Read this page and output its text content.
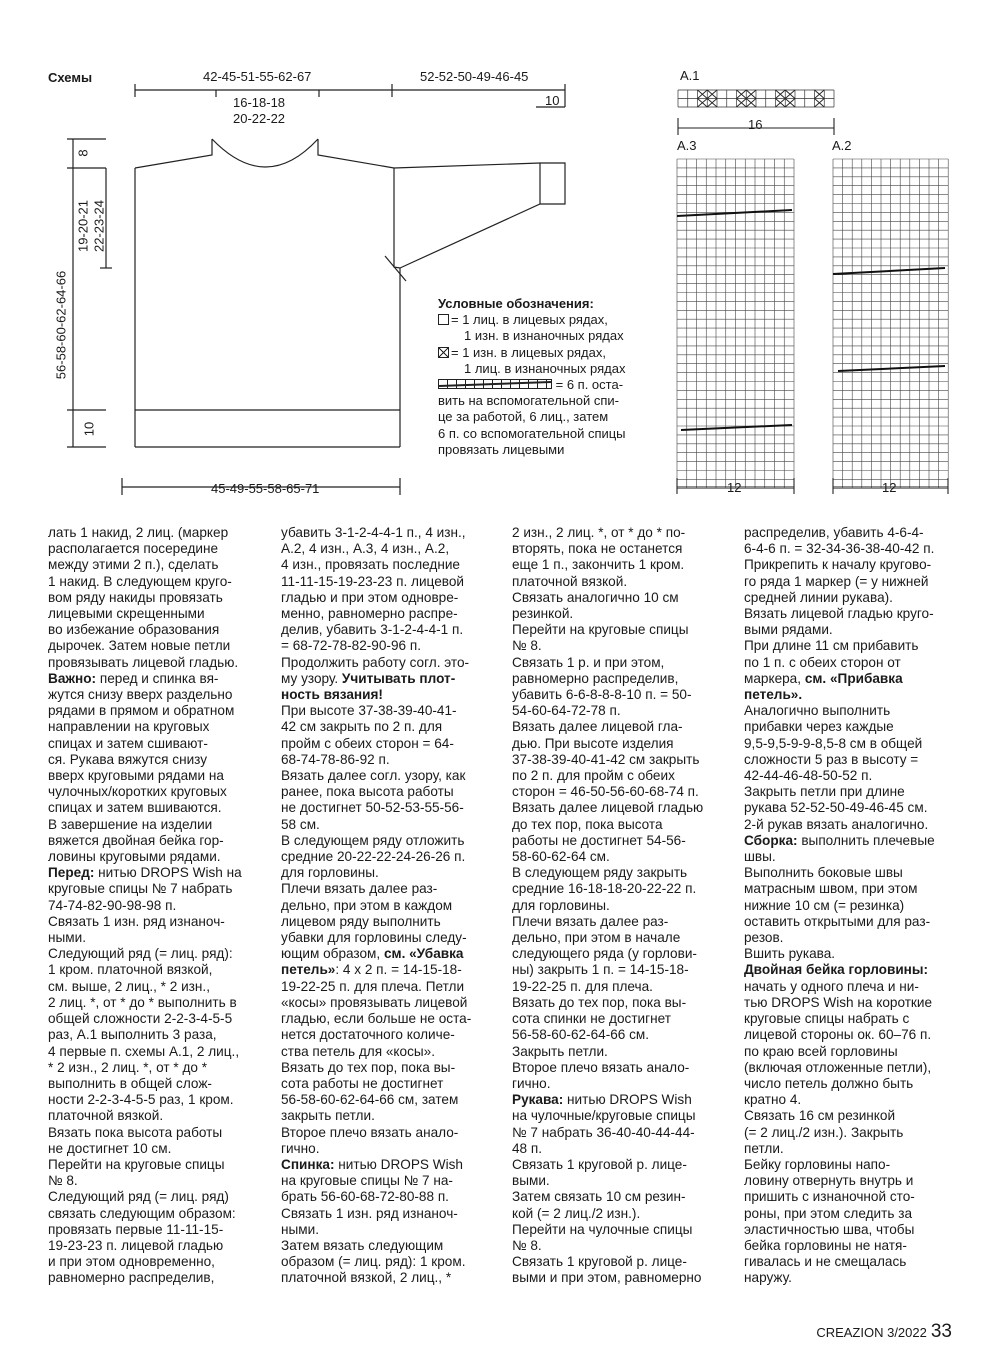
Схемы	42-45-51-55-62-67	52-52-50-49-46-45
10
16-18-18
20-22-22
45-49-55-58-65-71
8
19-20-21 22-23-24
56-58-60-62-64-66
10
A.1
16
A.3
12
A.2
12
Условные обозначения:
= 1 лиц. в лицевых рядах,
1 изн. в изнаночных рядах
= 1 изн. в лицевых рядах,
1 лиц. в изнаночных рядах
= 6 п. оста-
вить на вспомогательной спи-
це за работой, 6 лиц., затем
6 п. со вспомогательной спицы
провязать лицевыми

лать 1 накид, 2 лиц. (маркер
располагается посередине
между этими 2 п.), сделать
1 накид. В следующем круго-
вом ряду накиды провязать
лицевыми скрещенными
во избежание образования
дырочек. Затем новые петли
провязывать лицевой гладью.
Важно: перед и спинка вя-
жутся снизу вверх раздельно
рядами в прямом и обратном
направлении на круговых
спицах и затем сшивают-
ся. Рукава вяжутся снизу
вверх круговыми рядами на
чулочных/коротких круговых
спицах и затем вшиваются.
В завершение на изделии
вяжется двойная бейка гор-
ловины круговыми рядами.
Перед: нитью DROPS Wish на
круговые спицы № 7 набрать
74-74-82-90-98-98 п.
Связать 1 изн. ряд изнаноч-
ными.
Следующий ряд (= лиц. ряд):
1 кром. платочной вязкой,
см. выше, 2 лиц., * 2 изн.,
2 лиц. *, от * до * выполнить в
общей сложности 2-2-3-4-5-5
раз, A.1 выполнить 3 раза,
4 первые п. схемы A.1, 2 лиц.,
* 2 изн., 2 лиц. *, от * до *
выполнить в общей слож-
ности 2-2-3-4-5-5 раз, 1 кром.
платочной вязкой.
Вязать пока высота работы
не достигнет 10 см.
Перейти на круговые спицы
№ 8.
Следующий ряд (= лиц. ряд)
связать следующим образом:
провязать первые 11-11-15-
19-23-23 п. лицевой гладью
и при этом одновременно,
равномерно распределив,

убавить 3-1-2-4-4-1 п., 4 изн.,
A.2, 4 изн., A.3, 4 изн., A.2,
4 изн., провязать последние
11-11-15-19-23-23 п. лицевой
гладью и при этом одновре-
менно, равномерно распре-
делив, убавить 3-1-2-4-4-1 п.
= 68-72-78-82-90-96 п.
Продолжить работу согл. это-
му узору. Учитывать плот-
ность вязания!
При высоте 37-38-39-40-41-
42 см закрыть по 2 п. для
пройм с обеих сторон = 64-
68-74-78-86-92 п.
Вязать далее согл. узору, как
ранее, пока высота работы
не достигнет 50-52-53-55-56-
58 см.
В следующем ряду отложить
средние 20-22-22-24-26-26 п.
для горловины.
Плечи вязать далее раз-
дельно, при этом в каждом
лицевом ряду выполнить
убавки для горловины следу-
ющим образом, см. «Убавка
петель»: 4 х 2 п. = 14-15-18-
19-22-25 п. для плеча. Петли
«косы» провязывать лицевой
гладью, если больше не оста-
нется достаточного количе-
ства петель для «косы».
Вязать до тех пор, пока вы-
сота работы не достигнет
56-58-60-62-64-66 см, затем
закрыть петли.
Второе плечо вязать анало-
гично.
Спинка: нитью DROPS Wish
на круговые спицы № 7 на-
брать 56-60-68-72-80-88 п.
Связать 1 изн. ряд изнаноч-
ными.
Затем вязать следующим
образом (= лиц. ряд): 1 кром.
платочной вязкой, 2 лиц., *

2 изн., 2 лиц. *, от * до * по-
вторять, пока не останется
еще 1 п., закончить 1 кром.
платочной вязкой.
Связать аналогично 10 см
резинкой.
Перейти на круговые спицы
№ 8.
Связать 1 р. и при этом,
равномерно распределив,
убавить 6-6-8-8-8-10 п. = 50-
54-60-64-72-78 п.
Вязать далее лицевой гла-
дью. При высоте изделия
37-38-39-40-41-42 см закрыть
по 2 п. для пройм с обеих
сторон = 46-50-56-60-68-74 п.
Вязать далее лицевой гладью
до тех пор, пока высота
работы не достигнет 54-56-
58-60-62-64 см.
В следующем ряду закрыть
средние 16-18-18-20-22-22 п.
для горловины.
Плечи вязать далее раз-
дельно, при этом в начале
следующего ряда (у горлови-
ны) закрыть 1 п. = 14-15-18-
19-22-25 п. для плеча.
Вязать до тех пор, пока вы-
сота спинки не достигнет
56-58-60-62-64-66 см.
Закрыть петли.
Второе плечо вязать анало-
гично.
Рукава: нитью DROPS Wish
на чулочные/круговые спицы
№ 7 набрать 36-40-40-44-44-
48 п.
Связать 1 круговой р. лице-
выми.
Затем связать 10 см резин-
кой (= 2 лиц./2 изн.).
Перейти на чулочные спицы
№ 8.
Связать 1 круговой р. лице-
выми и при этом, равномерно

распределив, убавить 4-6-4-
6-4-6 п. = 32-34-36-38-40-42 п.
Прикрепить к началу кругово-
го ряда 1 маркер (= у нижней
средней линии рукава).
Вязать лицевой гладью круго-
выми рядами.
При длине 11 см прибавить
по 1 п. с обеих сторон от
маркера, см. «Прибавка
петель».
Аналогично выполнить
прибавки через каждые
9,5-9,5-9-9-8,5-8 см в общей
сложности 5 раз в высоту =
42-44-46-48-50-52 п.
Закрыть петли при длине
рукава 52-52-50-49-46-45 см.
2-й рукав вязать аналогично.
Сборка: выполнить плечевые
швы.
Выполнить боковые швы
матрасным швом, при этом
нижние 10 см (= резинка)
оставить открытыми для раз-
резов.
Вшить рукава.
Двойная бейка горловины:
начать у одного плеча и ни-
тью DROPS Wish на короткие
круговые спицы набрать с
лицевой стороны ок. 60–76 п.
по краю всей горловины
(включая отложенные петли),
число петель должно быть
кратно 4.
Связать 16 см резинкой
(= 2 лиц./2 изн.). Закрыть
петли.
Бейку горловины напо-
ловину отвернуть внутрь и
пришить с изнаночной сто-
роны, при этом следить за
эластичностью шва, чтобы
бейка горловины не натя-
гивалась и не смещалась
наружу.

CREAZION 3/2022 33
